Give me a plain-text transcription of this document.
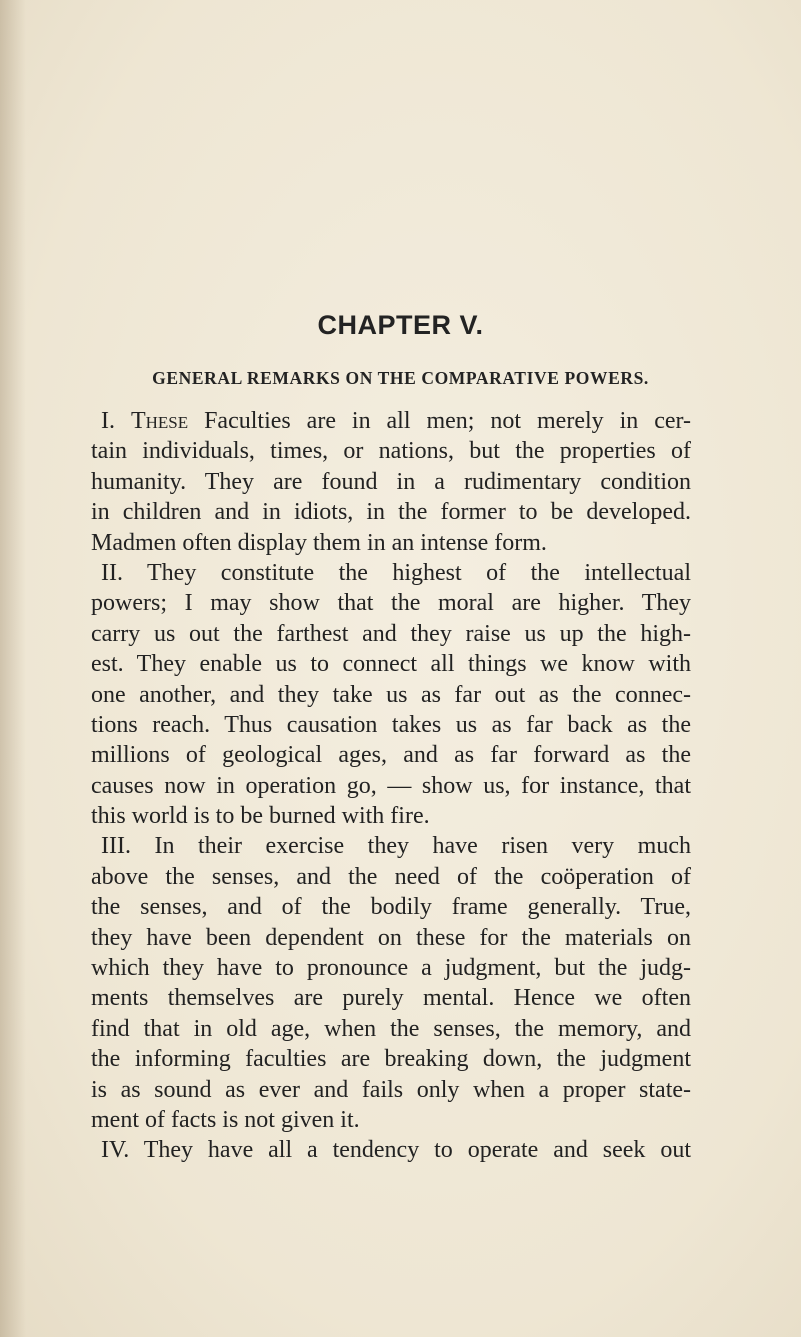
CHAPTER V.
GENERAL REMARKS ON THE COMPARATIVE POWERS.
I. These Faculties are in all men; not merely in cer-
tain individuals, times, or nations, but the properties of
humanity. They are found in a rudimentary condition
in children and in idiots, in the former to be developed.
Madmen often display them in an intense form.
II. They constitute the highest of the intellectual
powers; I may show that the moral are higher. They
carry us out the farthest and they raise us up the high-
est. They enable us to connect all things we know with
one another, and they take us as far out as the connec-
tions reach. Thus causation takes us as far back as the
millions of geological ages, and as far forward as the
causes now in operation go, — show us, for instance, that
this world is to be burned with fire.
III. In their exercise they have risen very much
above the senses, and the need of the coöperation of
the senses, and of the bodily frame generally. True,
they have been dependent on these for the materials on
which they have to pronounce a judgment, but the judg-
ments themselves are purely mental. Hence we often
find that in old age, when the senses, the memory, and
the informing faculties are breaking down, the judgment
is as sound as ever and fails only when a proper state-
ment of facts is not given it.
IV. They have all a tendency to operate and seek out
